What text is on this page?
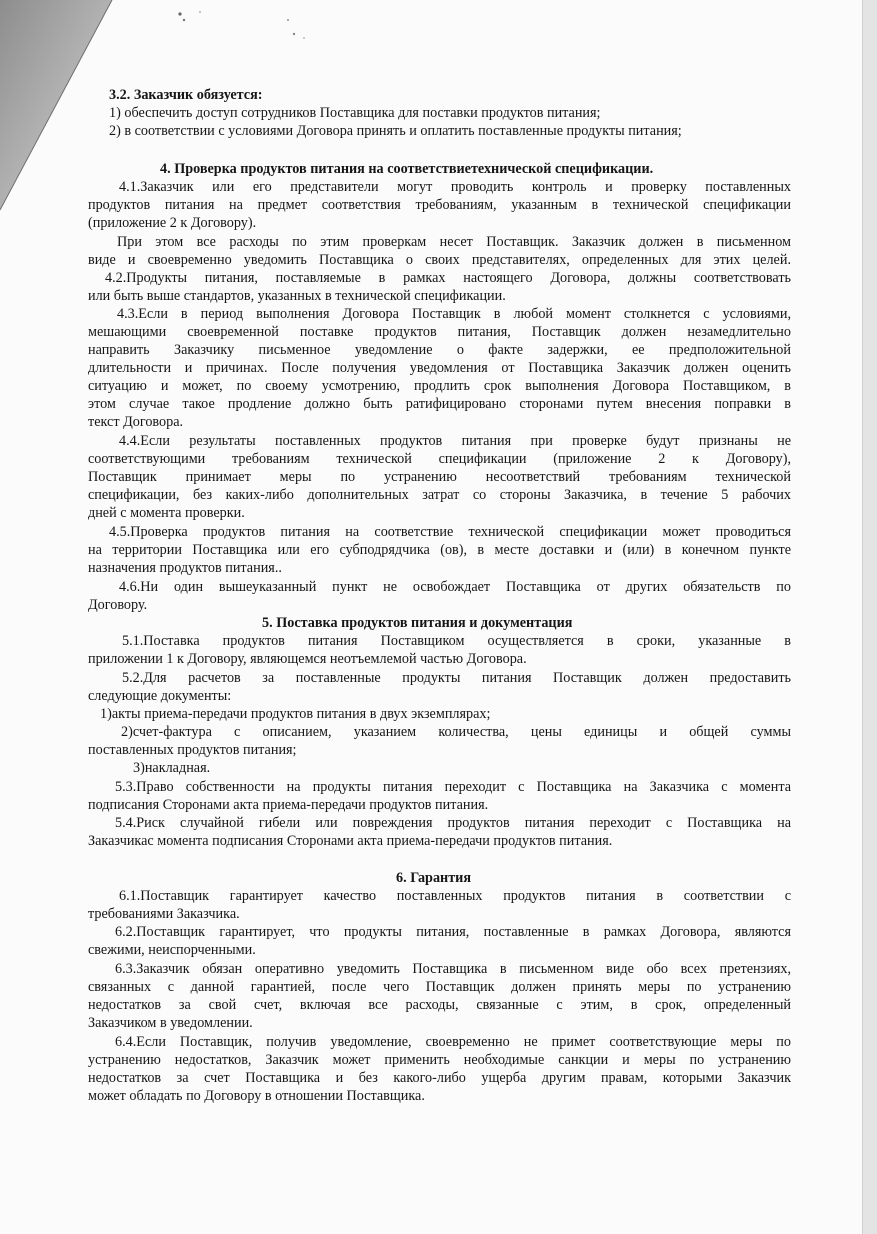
3.2. Заказчик обязуется:
1) обеспечить доступ сотрудников Поставщика для поставки продуктов питания;
2) в соответствии с условиями Договора принять и оплатить поставленные продукты питания;
4. Проверка продуктов питания на соответствиетехнической спецификации.
4.1.Заказчик или его представители могут проводить контроль и проверку поставленных
продуктов питания на предмет соответствия требованиям, указанным в технической спецификации
(приложение 2 к Договору).
При этом все расходы по этим проверкам несет Поставщик. Заказчик должен в письменном
виде и своевременно уведомить Поставщика о своих представителях, определенных для этих целей.
4.2.Продукты питания, поставляемые в рамках настоящего Договора, должны соответствовать
или быть выше стандартов, указанных в технической спецификации.
4.3.Если в период выполнения Договора Поставщик в любой момент столкнется с условиями,
мешающими своевременной поставке продуктов питания, Поставщик должен незамедлительно
направить Заказчику письменное уведомление о факте задержки, ее предположительной
длительности и причинах. После получения уведомления от Поставщика Заказчик должен оценить
ситуацию и может, по своему усмотрению, продлить срок выполнения Договора Поставщиком, в
этом случае такое продление должно быть ратифицировано сторонами путем внесения поправки в
текст Договора.
4.4.Если результаты поставленных продуктов питания при проверке будут признаны не
соответствующими требованиям технической спецификации (приложение 2 к Договору),
Поставщик принимает меры по устранению несоответствий требованиям технической
спецификации, без каких-либо дополнительных затрат со стороны Заказчика, в течение 5 рабочих
дней с момента проверки.
4.5.Проверка продуктов питания на соответствие технической спецификации может проводиться
на территории Поставщика или его субподрядчика (ов), в месте доставки и (или) в конечном пункте
назначения продуктов питания..
4.6.Ни один вышеуказанный пункт не освобождает Поставщика от других обязательств по
Договору.
5. Поставка продуктов питания и документация
5.1.Поставка продуктов питания Поставщиком осуществляется в сроки, указанные в
приложении 1 к Договору, являющемся неотъемлемой частью Договора.
5.2.Для расчетов за поставленные продукты питания Поставщик должен предоставить
следующие документы:
1)акты приема-передачи продуктов питания в двух экземплярах;
2)счет-фактура с описанием, указанием количества, цены единицы и общей суммы
поставленных продуктов питания;
3)накладная.
5.3.Право собственности на продукты питания переходит с Поставщика на Заказчика с момента
подписания Сторонами акта приема-передачи продуктов питания.
5.4.Риск случайной гибели или повреждения продуктов питания переходит с Поставщика на
Заказчикас момента подписания Сторонами акта приема-передачи продуктов питания.
6. Гарантия
6.1.Поставщик гарантирует качество поставленных продуктов питания в соответствии с
требованиями Заказчика.
6.2.Поставщик гарантирует, что продукты питания, поставленные в рамках Договора, являются
свежими, неиспорченными.
6.3.Заказчик обязан оперативно уведомить Поставщика в письменном виде обо всех претензиях,
связанных с данной гарантией, после чего Поставщик должен принять меры по устранению
недостатков за свой счет, включая все расходы, связанные с этим, в срок, определенный
Заказчиком в уведомлении.
6.4.Если Поставщик, получив уведомление, своевременно не примет соответствующие меры по
устранению недостатков, Заказчик может применить необходимые санкции и меры по устранению
недостатков за счет Поставщика и без какого-либо ущерба другим правам, которыми Заказчик
может обладать по Договору в отношении Поставщика.
